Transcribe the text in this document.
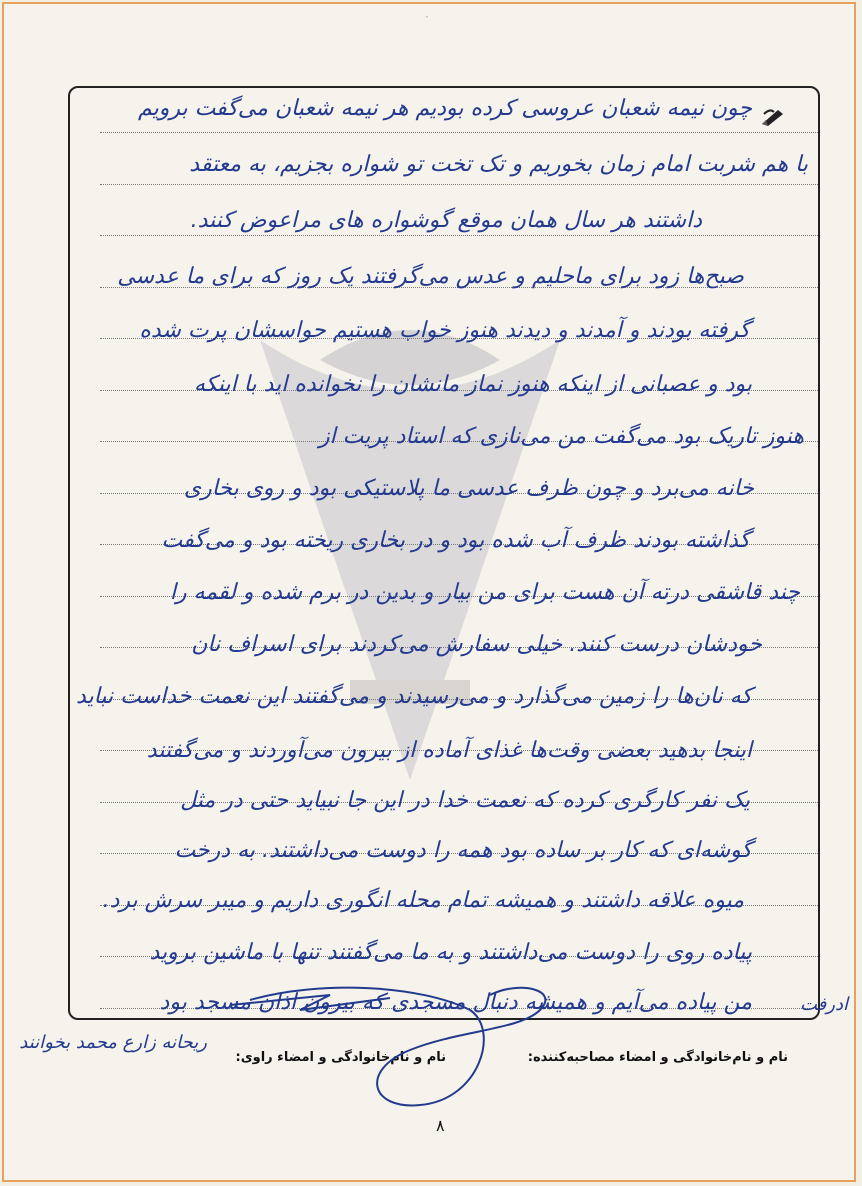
·
چون نیمه شعبان عروسی کرده بودیم هر نیمه شعبان می‌گفت برویم
با هم شربت امام زمان بخوریم و تک تخت تو شواره بجزیم، به معتقد
داشتند هر سال همان موقع گوشواره های مراعوض کنند.
صبح‌ها زود برای ماحلیم و عدس می‌گرفتند یک روز که برای ما عدسی
گرفته بودند و آمدند و دیدند هنوز خواب هستیم حواسشان پرت شده
بود و عصبانی از اینکه هنوز نماز مانشان را نخوانده اید با اینکه
هنوز تاریک بود می‌گفت من می‌نازی که استاد پریت از
خانه می‌برد و چون ظرف عدسی ما پلاستیکی بود و روی بخاری
گذاشته بودند ظرف آب شده بود و در بخاری ریخته بود و می‌گفت
چند قاشقی درته آن هست برای من بیار و بدین در برم شده و لقمه را
خودشان درست کنند. خیلی سفارش می‌کردند برای اسراف نان
که نان‌ها را زمین می‌گذارد و می‌رسیدند و می‌گفتند این نعمت خداست نباید
اینجا بدهید بعضی وقت‌ها غذای آماده از بیرون می‌آوردند و می‌گفتند
یک نفر کارگری کرده که نعمت خدا در این جا نبیاید حتی در مثل
گوشه‌ای که کار بر ساده بود همه را دوست می‌داشتند. به درخت
میوه علاقه داشتند و همیشه تمام محله انگوری داریم و میبر سرش برد.
پیاده روی را دوست می‌داشتند و به ما می‌گفتند تنها با ماشین بروید
من پیاده می‌آیم و همیشه دنبال مسجدی که بیرون اذان مسجد بود	ادرفت
نام و نام‌خانوادگی و امضاء مصاحبه‌کننده:
نام و نام‌خانوادگی و امضاء راوی:
ریحانه زارع محمد بخوانند
۸
